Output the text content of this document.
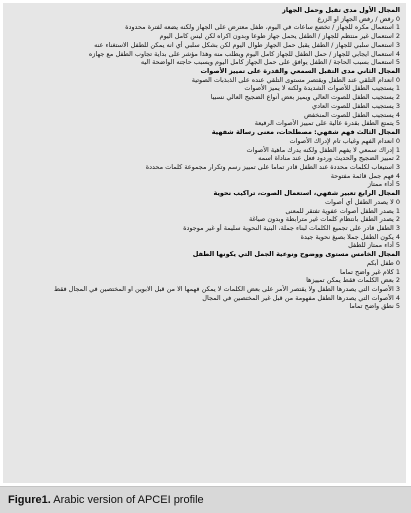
المجال الأول مدى تقبل وحمل الجهاز
0 رفض / رفض الجهاز او الزرع
1 استعمال مكره للجهاز / تخضع ساعات في اليوم، طفل معترض على الجهاز ولكنه يضعه لفترة محدودة
2 استعمال غير منتظم للجهاز / الطفل يحمل جهاز طوعا وبدون اكراه لكن ليس كامل اليوم
3 استعمال سلبي للجهاز / الطفل يقبل حمل الجهاز طوال اليوم لكن بشكل سلبي أي انه يمكن للطفل الاستغناء عنه
4 استعمال ايجابي للجهاز / حمل الطفل للجهاز كامل اليوم ويطلب منه وهذا مؤشر على بداية تجاوب الطفل مع جهازه
5 استعمال بسبب الحاجة / الطفل يوافق على حمل الجهاز كامل اليوم ويسبب حاجته الواضحة اليه
المجال الثاني مدى التقبل السمعي والقدرة على تمييز الأصوات
0 انعدام التلقي عند الطفل ويقتصر مستوى التلقي عنده على الذبذبات الصوتية
1 يستجيب الطفل للأصوات الشديدة ولكنه لا يميز الأصوات
2 يستجيب الطفل للصوت العالي ويميز بعض أنواع الضجيج العالي نسبيا
3 يستجيب الطفل للصوت العادي
4 يستجيب الطفل للصوت المنخفض
5 يتمتع الطفل بقدرة عالية على تمييز الأصوات الرفيعة
المجال الثالث فهم شفهي: مصطلحات، معنى رسالة شفهية
0 انعدام الفهم وغياب تام لإدراك الأصوات
1 إدراك سمعي لا يفهم الطفل ولكنه يدرك ماهية الأصوات
2 تمييز الضجيج والحديث وردود فعل عند مناداة اسمه
3 استيعاب لكلمات محددة عند الطفل قادر تماما على تمييز رسم وتكرار مجموعة كلمات محددة
4 فهم جمل قائمة مفتوحة
5 أداء ممتاز
المجال الرابع تعبير شفهي، استعمال الصوت، تراكيب نحوية
0 لا يصدر الطفل أي أصوات
1 يصدر الطفل أصوات عفوية تفتقر للمعنى
2 يصدر الطفل بانتظام كلمات غير مترابطة وبدون صياغة
3 الطفل قادر على تجميع الكلمات لبناء جملة، البنية النحوية سليمة أو غير موجودة
4 يكون الطفل جملا بصيغ نحوية جيدة
5 أداء ممتاز للطفل
المجال الخامس مستوى ووضوح ونوعية الجمل التي يكونها الطفل
0 طفل أبكم
1 كلام غير واضح تماما
2 بعض الكلمات فقط يمكن تمييزها
3 الأصوات التي يصدرها الطفل ولا يقتصر الأمر على بعض الكلمات لا يمكن فهمها الا من قبل الابوين او المختصين في المجال فقط
4 الأصوات التي يصدرها الطفل مفهومة من قبل غير المختصين في المجال
5 نطق واضح تماما
Figure1. Arabic version of APCEI profile
